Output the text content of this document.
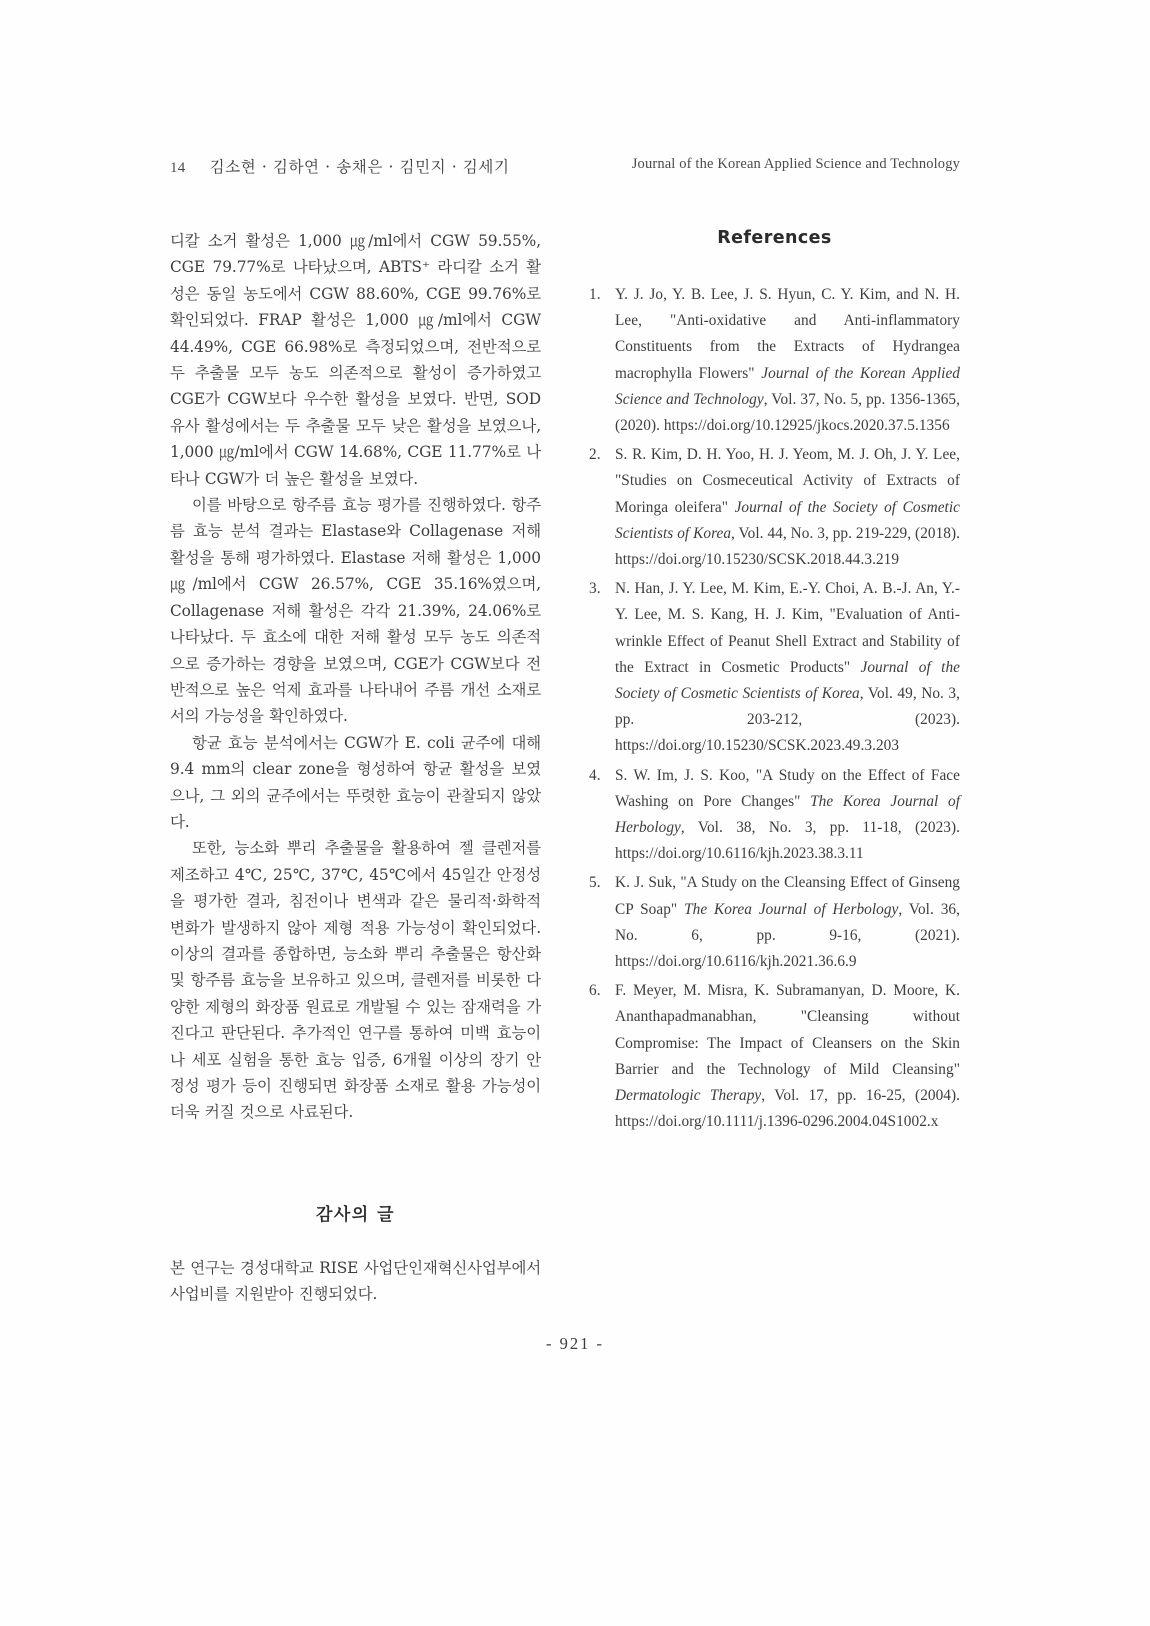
14 김소현 · 김하연 · 송채은 · 김민지 · 김세기	Journal of the Korean Applied Science and Technology

디칼 소거 활성은 1,000 ㎍/ml에서 CGW 59.55%, CGE 79.77%로 나타났으며, ABTS⁺ 라디칼 소거 활성은 동일 농도에서 CGW 88.60%, CGE 99.76%로 확인되었다. FRAP 활성은 1,000 ㎍/ml에서 CGW 44.49%, CGE 66.98%로 측정되었으며, 전반적으로 두 추출물 모두 농도 의존적으로 활성이 증가하였고 CGE가 CGW보다 우수한 활성을 보였다. 반면, SOD 유사 활성에서는 두 추출물 모두 낮은 활성을 보였으나, 1,000 ㎍/ml에서 CGW 14.68%, CGE 11.77%로 나타나 CGW가 더 높은 활성을 보였다.

이를 바탕으로 항주름 효능 평가를 진행하였다. 항주름 효능 분석 결과는 Elastase와 Collagenase 저해 활성을 통해 평가하였다. Elastase 저해 활성은 1,000 ㎍/ml에서 CGW 26.57%, CGE 35.16%였으며, Collagenase 저해 활성은 각각 21.39%, 24.06%로 나타났다. 두 효소에 대한 저해 활성 모두 농도 의존적으로 증가하는 경향을 보였으며, CGE가 CGW보다 전반적으로 높은 억제 효과를 나타내어 주름 개선 소재로서의 가능성을 확인하였다.

항균 효능 분석에서는 CGW가 E. coli 균주에 대해 9.4 mm의 clear zone을 형성하여 항균 활성을 보였으나, 그 외의 균주에서는 뚜렷한 효능이 관찰되지 않았다.

또한, 능소화 뿌리 추출물을 활용하여 젤 클렌저를 제조하고 4℃, 25℃, 37℃, 45℃에서 45일간 안정성을 평가한 결과, 침전이나 변색과 같은 물리적·화학적 변화가 발생하지 않아 제형 적용 가능성이 확인되었다. 이상의 결과를 종합하면, 능소화 뿌리 추출물은 항산화 및 항주름 효능을 보유하고 있으며, 클렌저를 비롯한 다양한 제형의 화장품 원료로 개발될 수 있는 잠재력을 가진다고 판단된다. 추가적인 연구를 통하여 미백 효능이나 세포 실험을 통한 효능 입증, 6개월 이상의 장기 안정성 평가 등이 진행되면 화장품 소재로 활용 가능성이 더욱 커질 것으로 사료된다.

감사의 글

본 연구는 경성대학교 RISE 사업단인재혁신사업부에서 사업비를 지원받아 진행되었다.

References
1. Y. J. Jo, Y. B. Lee, J. S. Hyun, C. Y. Kim, and N. H. Lee, "Anti-oxidative and Anti-inflammatory Constituents from the Extracts of Hydrangea macrophylla Flowers" Journal of the Korean Applied Science and Technology, Vol. 37, No. 5, pp. 1356-1365, (2020). https://doi.org/10.12925/jkocs.2020.37.5.1356
2. S. R. Kim, D. H. Yoo, H. J. Yeom, M. J. Oh, J. Y. Lee, "Studies on Cosmeceutical Activity of Extracts of Moringa oleifera" Journal of the Society of Cosmetic Scientists of Korea, Vol. 44, No. 3, pp. 219-229, (2018). https://doi.org/10.15230/SCSK.2018.44.3.219
3. N. Han, J. Y. Lee, M. Kim, E.-Y. Choi, A. B.-J. An, Y.-Y. Lee, M. S. Kang, H. J. Kim, "Evaluation of Anti-wrinkle Effect of Peanut Shell Extract and Stability of the Extract in Cosmetic Products" Journal of the Society of Cosmetic Scientists of Korea, Vol. 49, No. 3, pp. 203-212, (2023). https://doi.org/10.15230/SCSK.2023.49.3.203
4. S. W. Im, J. S. Koo, "A Study on the Effect of Face Washing on Pore Changes" The Korea Journal of Herbology, Vol. 38, No. 3, pp. 11-18, (2023). https://doi.org/10.6116/kjh.2023.38.3.11
5. K. J. Suk, "A Study on the Cleansing Effect of Ginseng CP Soap" The Korea Journal of Herbology, Vol. 36, No. 6, pp. 9-16, (2021). https://doi.org/10.6116/kjh.2021.36.6.9
6. F. Meyer, M. Misra, K. Subramanyan, D. Moore, K. Ananthapadmanabhan, "Cleansing without Compromise: The Impact of Cleansers on the Skin Barrier and the Technology of Mild Cleansing" Dermatologic Therapy, Vol. 17, pp. 16-25, (2004). https://doi.org/10.1111/j.1396-0296.2004.04S1002.x
- 921 -
